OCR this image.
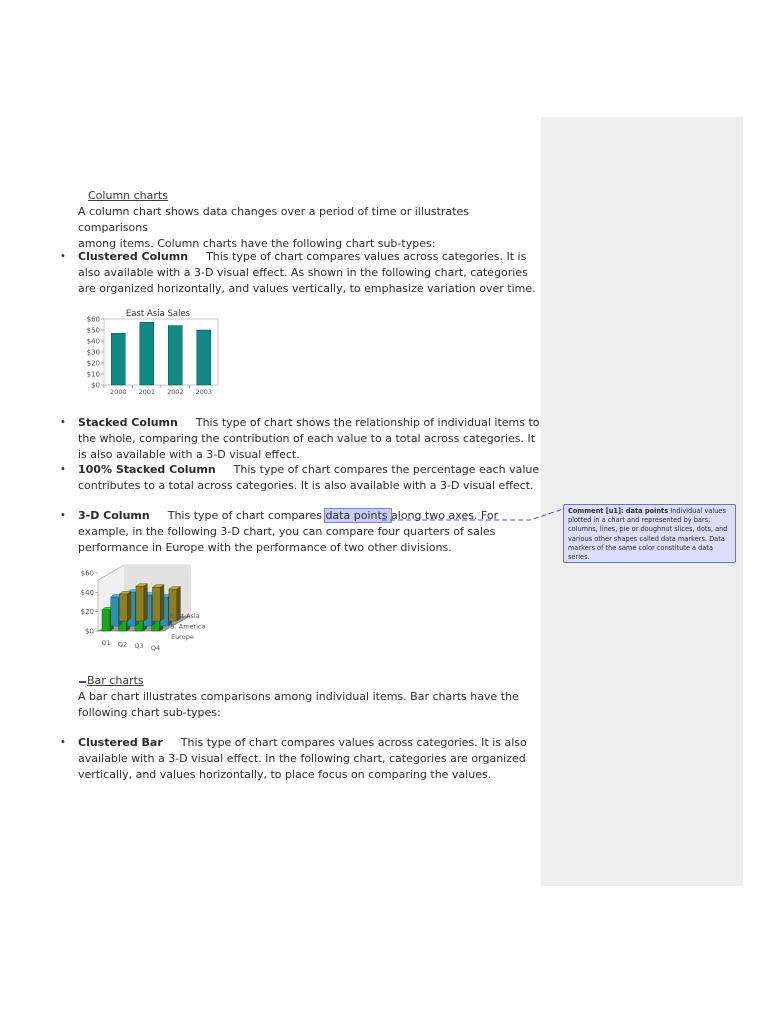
Column charts
A column chart shows data changes over a period of time or illustrates comparisons
among items. Column charts have the following chart sub-types:
• Clustered Column This type of chart compares values across categories. It is
also available with a 3-D visual effect. As shown in the following chart, categories
are organized horizontally, and values vertically, to emphasize variation over time.
East Asia Sales
$0
$10
$20
$30
$40
$50
$60
2000 2001 2002 2003
• Stacked Column This type of chart shows the relationship of individual items to
the whole, comparing the contribution of each value to a total across categories. It
is also available with a 3-D visual effect.
• 100% Stacked Column This type of chart compares the percentage each value
contributes to a total across categories. It is also available with a 3-D visual effect.
• 3-D Column This type of chart compares data points along two axes. For
example, in the following 3-D chart, you can compare four quarters of sales
performance in Europe with the performance of two other divisions.
Comment [u1]: data points Individual values plotted in a chart and represented by bars, columns, lines, pie or doughnut slices, dots, and various other shapes called data markers. Data markers of the same color constitute a data series.
$0
$20
$40
$60
Q1 Q2 Q3 Q4
East Asia
S. America
Europe
Bar charts
A bar chart illustrates comparisons among individual items. Bar charts have the
following chart sub-types:
• Clustered Bar This type of chart compares values across categories. It is also
available with a 3-D visual effect. In the following chart, categories are organized
vertically, and values horizontally, to place focus on comparing the values.
